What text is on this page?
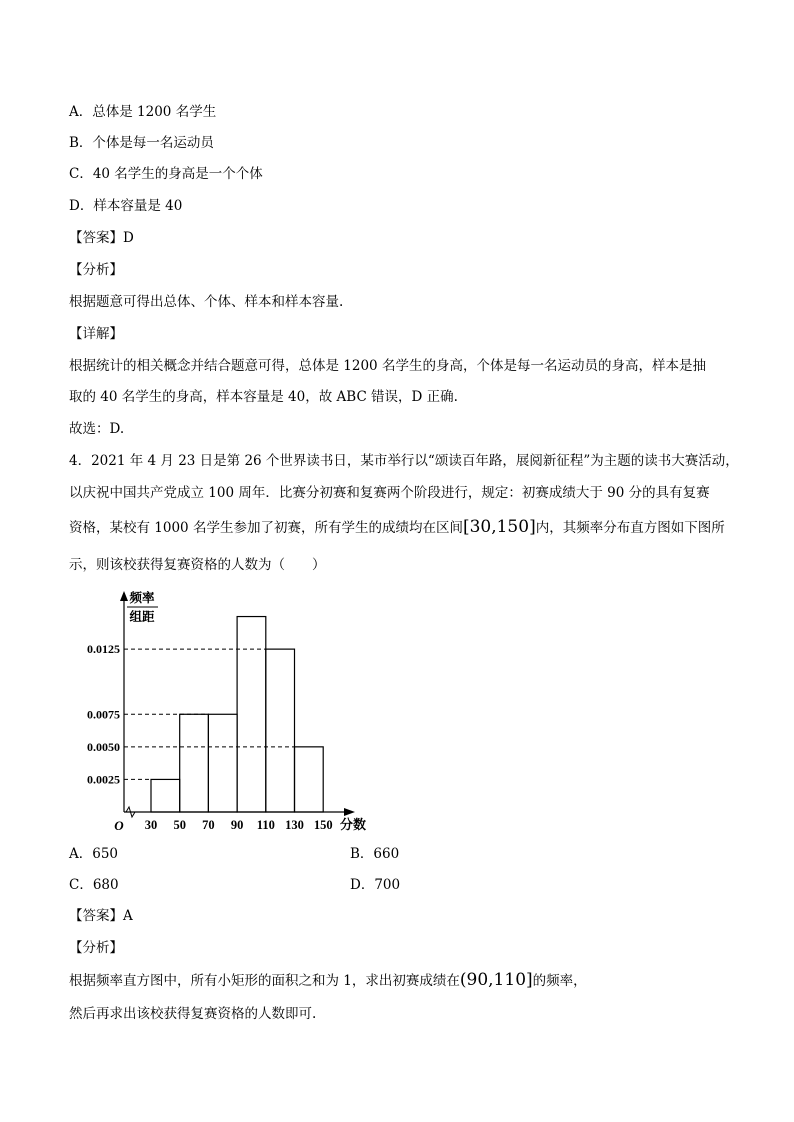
A．总体是 1200 名学生
B．个体是每一名运动员
C．40 名学生的身高是一个个体
D．样本容量是 40
【答案】D
【分析】
根据题意可得出总体、个体、样本和样本容量.
【详解】
根据统计的相关概念并结合题意可得，总体是 1200 名学生的身高，个体是每一名运动员的身高，样本是抽
取的 40 名学生的身高，样本容量是 40，故 ABC 错误，D 正确.
故选：D.
4．2021 年 4 月 23 日是第 26 个世界读书日，某市举行以“颂读百年路，展阅新征程”为主题的读书大赛活动，
以庆祝中国共产党成立 100 周年．比赛分初赛和复赛两个阶段进行，规定：初赛成绩大于 90 分的具有复赛
资格，某校有 1000 名学生参加了初赛，所有学生的成绩均在区间[30,150]内，其频率分布直方图如下图所
示，则该校获得复赛资格的人数为（　　）
0.0025
0.0050
0.0075
0.0125
30 50 70 90 110 130 150 分数
O
频率
组距
A．650	B．660
C．680	D．700
【答案】A
【分析】
根据频率直方图中，所有小矩形的面积之和为 1，求出初赛成绩在(90,110]的频率，
然后再求出该校获得复赛资格的人数即可.
